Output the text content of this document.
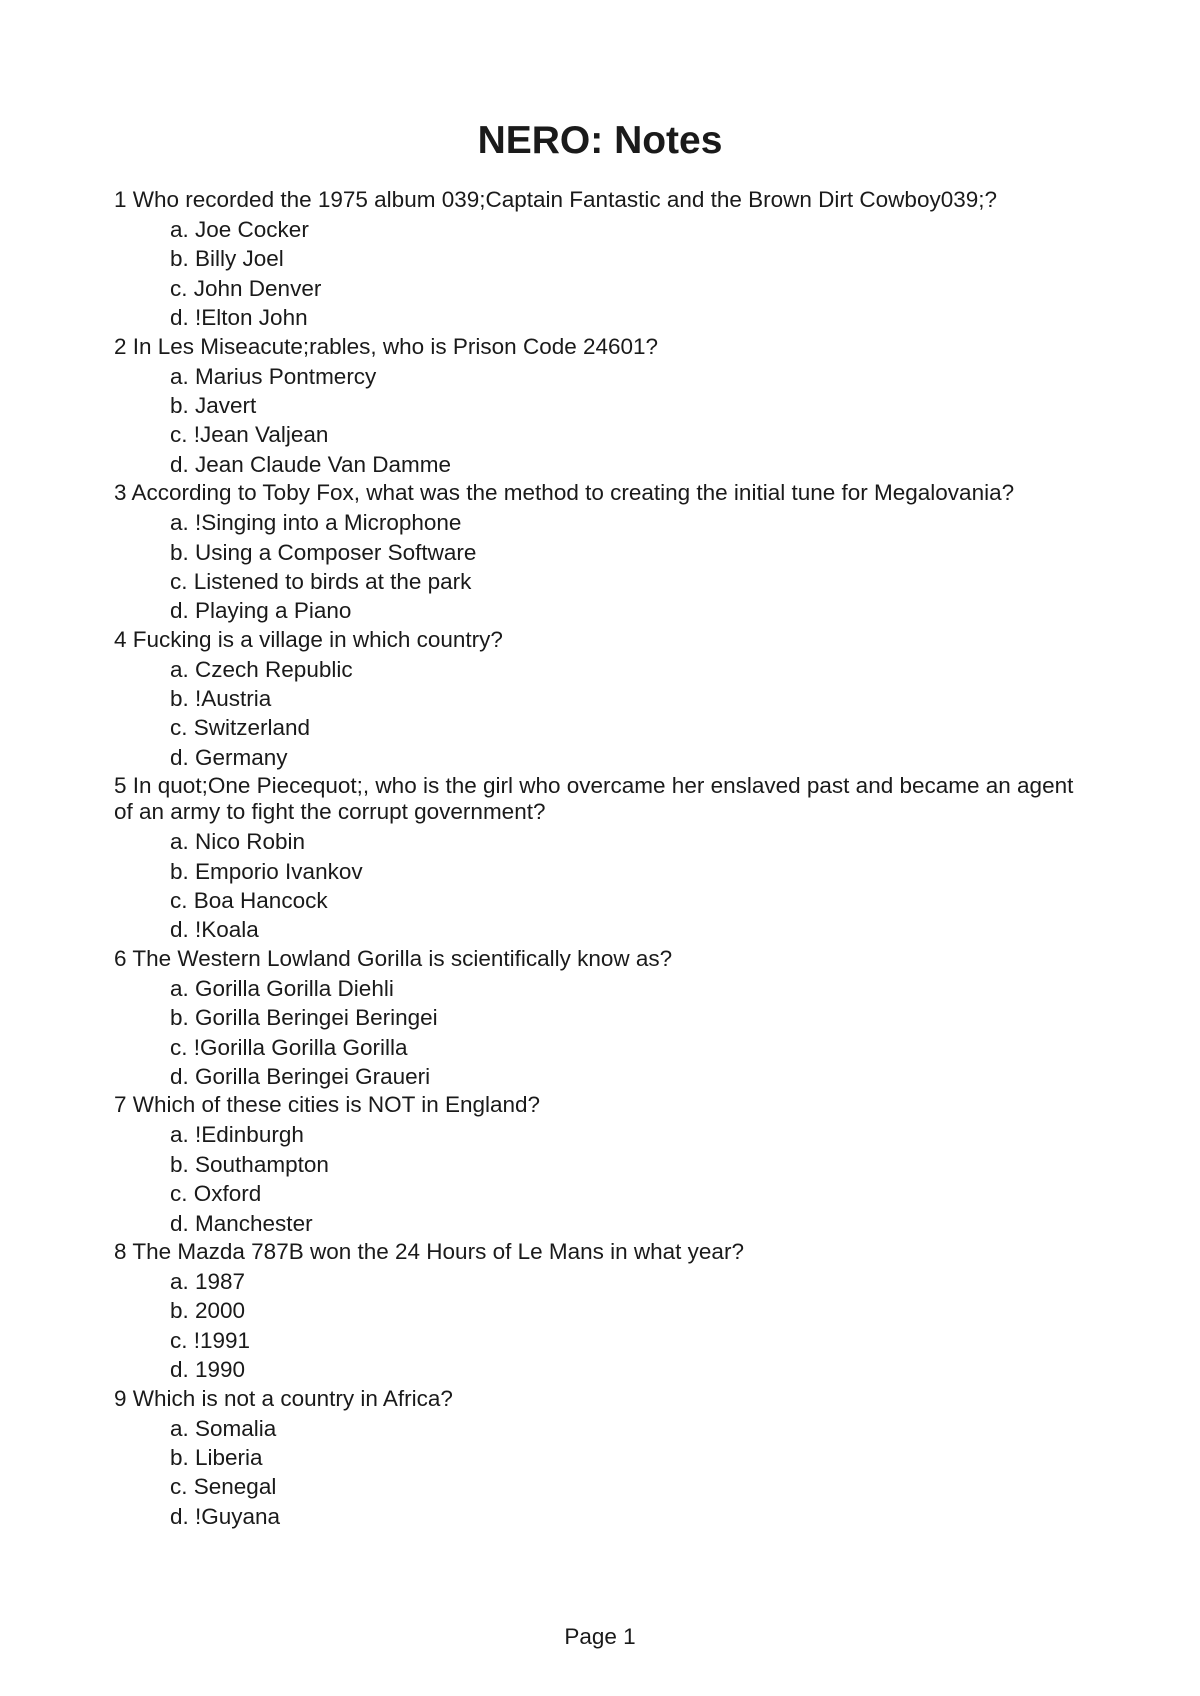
NERO: Notes

1 Who recorded the 1975 album 039;Captain Fantastic and the Brown Dirt Cowboy039;?

a. Joe Cocker
b. Billy Joel
c. John Denver
d. !Elton John

2 In Les Miseacute;rables, who is Prison Code 24601?

a. Marius Pontmercy
b. Javert
c. !Jean Valjean
d. Jean Claude Van Damme

3 According to Toby Fox, what was the method to creating the initial tune for Megalovania?

a. !Singing into a Microphone
b. Using a Composer Software
c. Listened to birds at the park
d. Playing a Piano

4 Fucking is a village in which country?

a. Czech Republic
b. !Austria
c. Switzerland
d. Germany

5 In quot;One Piecequot;, who is the girl who overcame her enslaved past and became an agent of an army to fight the corrupt government?

a. Nico Robin
b. Emporio Ivankov
c. Boa Hancock
d. !Koala

6 The Western Lowland Gorilla is scientifically know as?

a. Gorilla Gorilla Diehli
b. Gorilla Beringei Beringei
c. !Gorilla Gorilla Gorilla
d. Gorilla Beringei Graueri

7 Which of these cities is NOT in England?

a. !Edinburgh
b. Southampton
c. Oxford
d. Manchester

8 The Mazda 787B won the 24 Hours of Le Mans in what year?

a. 1987
b. 2000
c. !1991
d. 1990

9 Which is not a country in Africa?

a. Somalia
b. Liberia
c. Senegal
d. !Guyana
Page 1
